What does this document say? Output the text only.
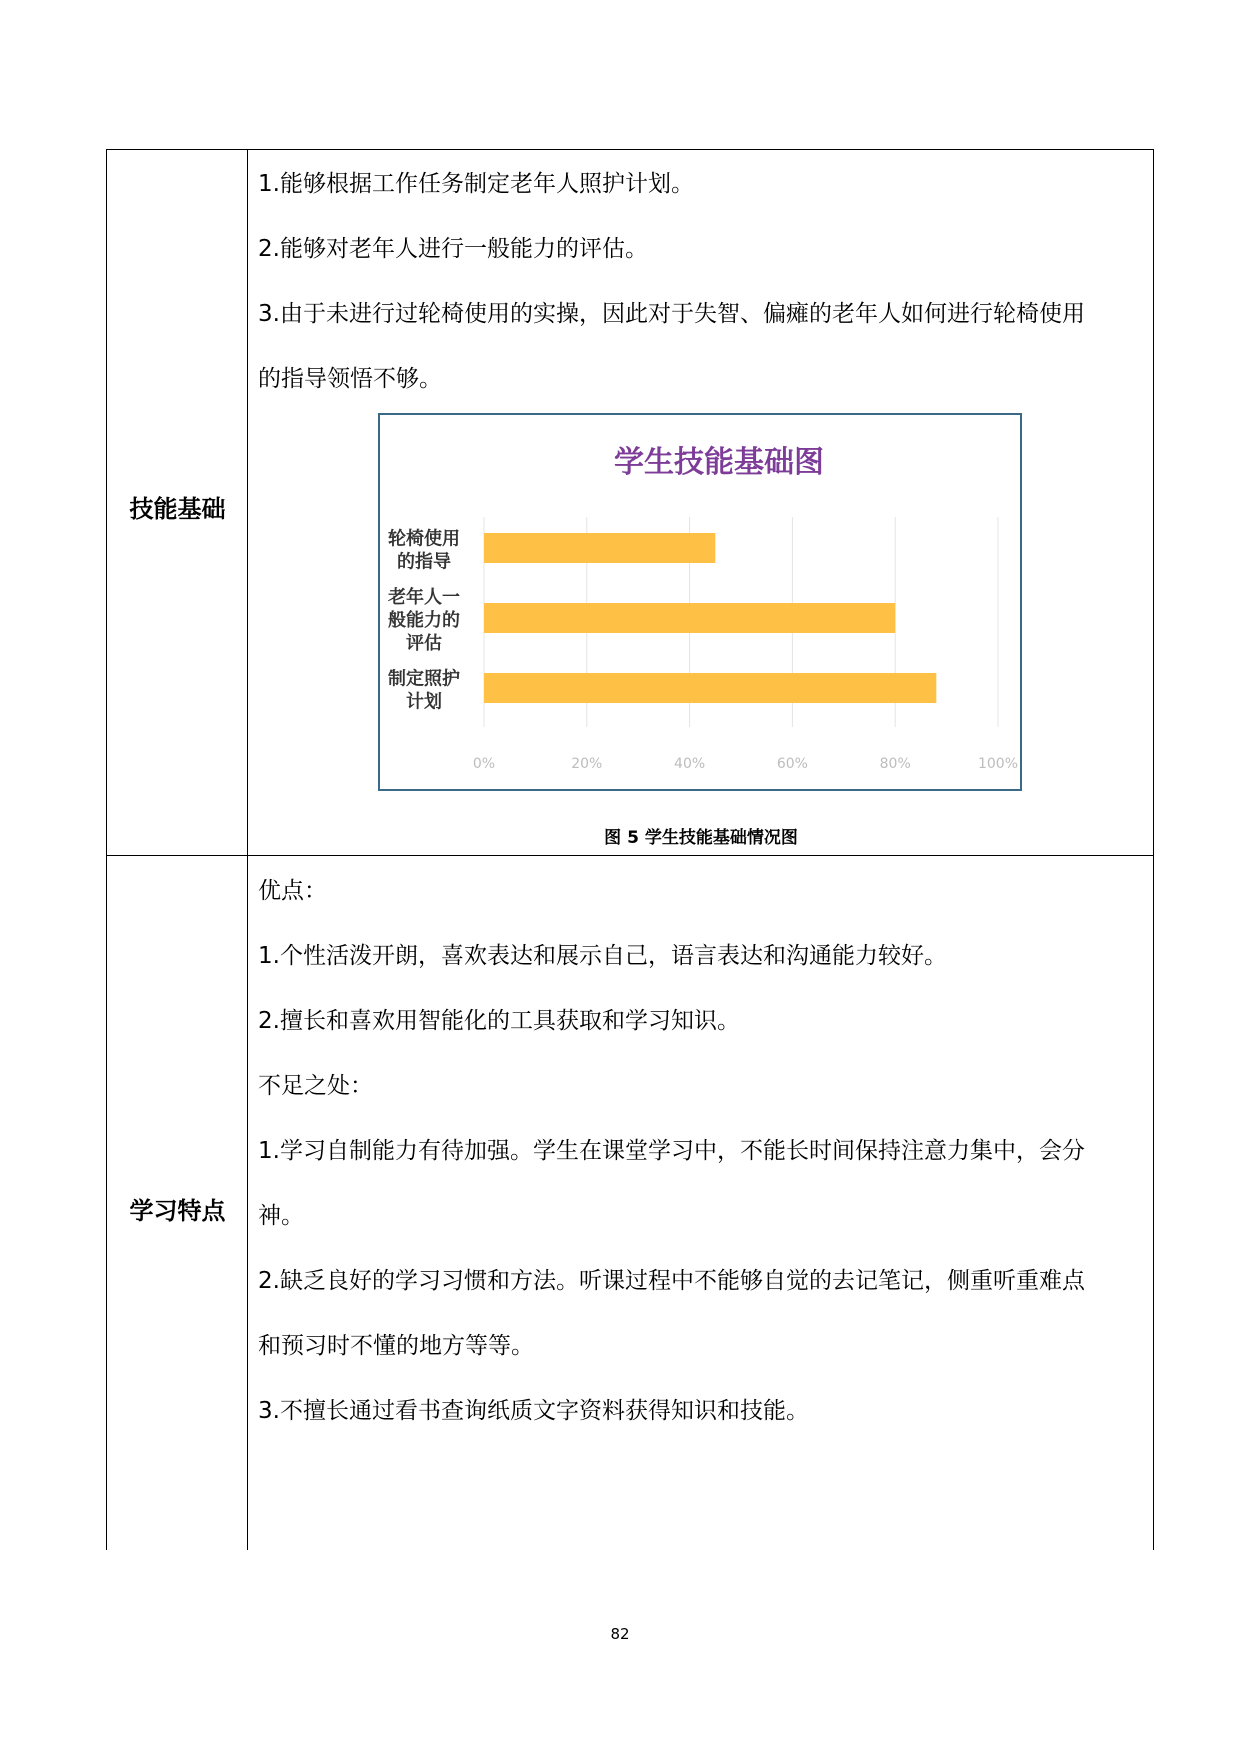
技能基础
1.能够根据工作任务制定老年人照护计划。
2.能够对老年人进行一般能力的评估。
3.由于未进行过轮椅使用的实操，因此对于失智、偏瘫的老年人如何进行轮椅使用
的指导领悟不够。
学生技能基础图
0%	20%	40%	60%	80%	100%
轮椅使用
的指导
老年人一
般能力的
评估
制定照护
计划
图 5 学生技能基础情况图
学习特点
优点：
1.个性活泼开朗，喜欢表达和展示自己，语言表达和沟通能力较好。
2.擅长和喜欢用智能化的工具获取和学习知识。
不足之处：
1.学习自制能力有待加强。学生在课堂学习中，不能长时间保持注意力集中，会分
神。
2.缺乏良好的学习习惯和方法。听课过程中不能够自觉的去记笔记，侧重听重难点
和预习时不懂的地方等等。
3.不擅长通过看书查询纸质文字资料获得知识和技能。
82
